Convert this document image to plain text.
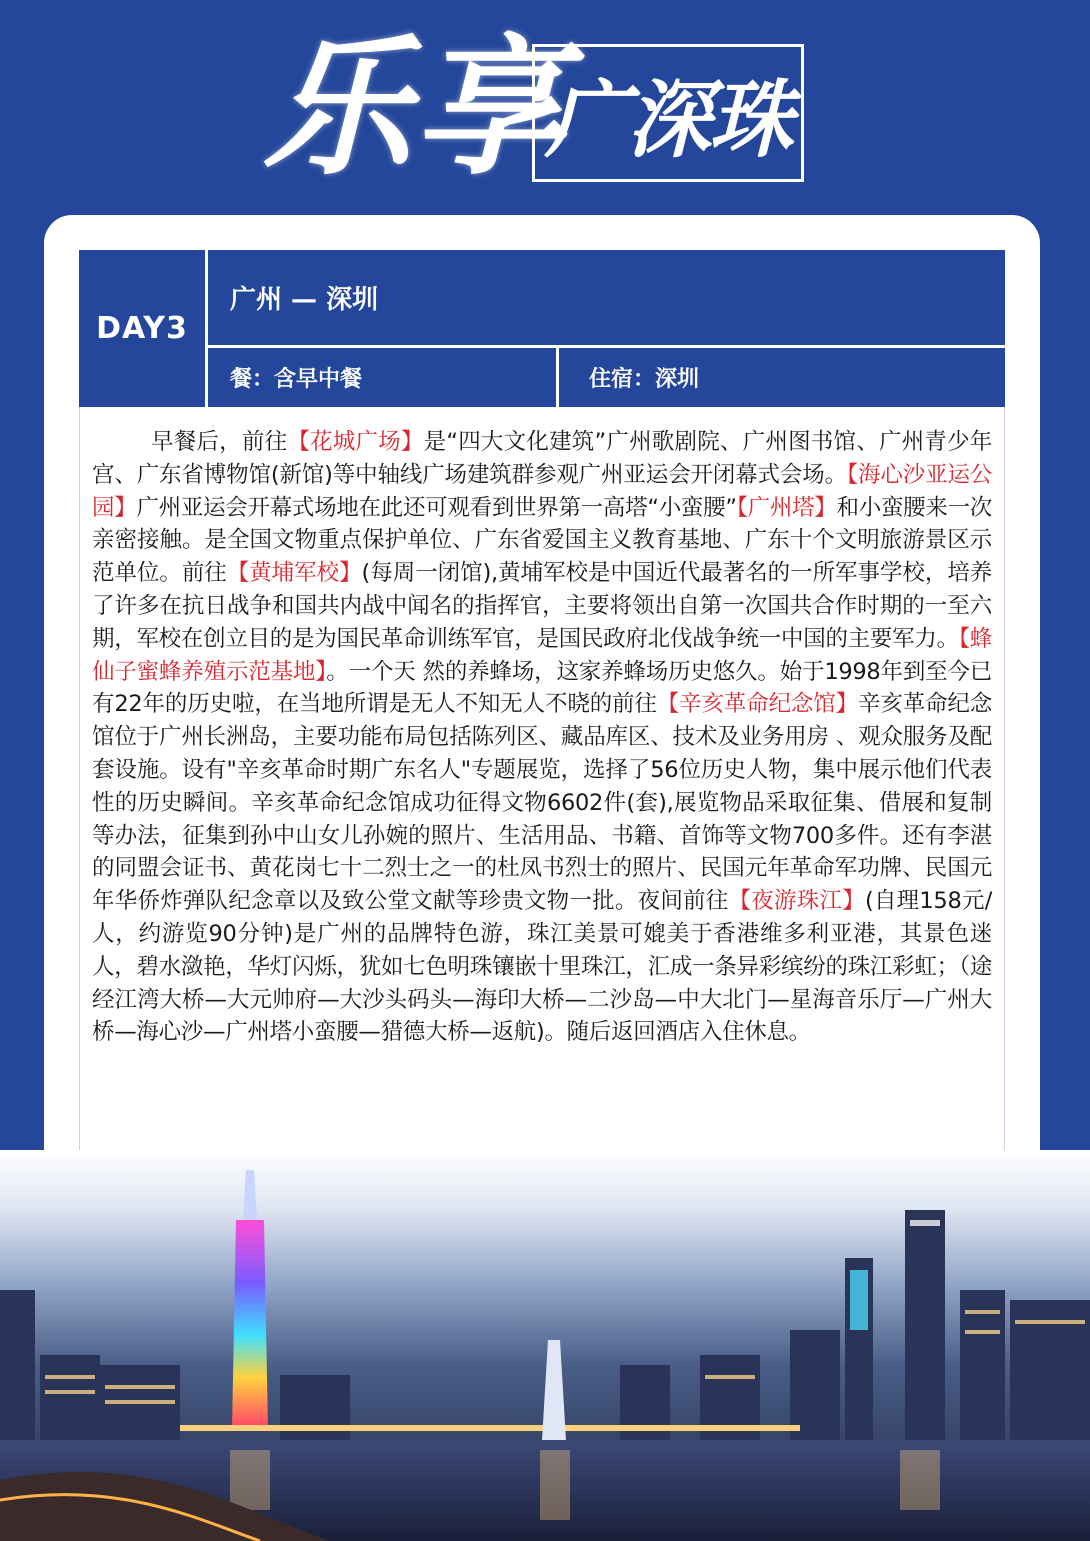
乐享
广深珠
DAY3
广州 — 深圳
餐：含早中餐	住宿：深圳
早餐后，前往【花城广场】是“四大文化建筑”广州歌剧院、广州图书馆、广州青少年宫、广东省博物馆(新馆)等中轴线广场建筑群参观广州亚运会开闭幕式会场。【海心沙亚运公园】广州亚运会开幕式场地在此还可观看到世界第一高塔“小蛮腰”【广州塔】和小蛮腰来一次亲密接触。是全国文物重点保护单位、广东省爱国主义教育基地、广东十个文明旅游景区示范单位。前往【黄埔军校】(每周一闭馆),黄埔军校是中国近代最著名的一所军事学校，培养了许多在抗日战争和国共内战中闻名的指挥官，主要将领出自第一次国共合作时期的一至六期，军校在创立目的是为国民革命训练军官，是国民政府北伐战争统一中国的主要军力。【蜂仙子蜜蜂养殖示范基地】。一个天 然的养蜂场，这家养蜂场历史悠久。始于1998年到至今已有22年的历史啦，在当地所谓是无人不知无人不晓的前往【辛亥革命纪念馆】辛亥革命纪念馆位于广州长洲岛，主要功能布局包括陈列区、藏品库区、技术及业务用房 、观众服务及配套设施。设有"辛亥革命时期广东名人"专题展览，选择了56位历史人物，集中展示他们代表性的历史瞬间。辛亥革命纪念馆成功征得文物6602件(套),展览物品采取征集、借展和复制等办法，征集到孙中山女儿孙婉的照片、生活用品、书籍、首饰等文物700多件。还有李湛的同盟会证书、黄花岗七十二烈士之一的杜凤书烈士的照片、民国元年革命军功牌、民国元年华侨炸弹队纪念章以及致公堂文献等珍贵文物一批。夜间前往【夜游珠江】(自理158元/人，约游览90分钟)是广州的品牌特色游，珠江美景可媲美于香港维多利亚港，其景色迷人，碧水潋艳，华灯闪烁，犹如七色明珠镶嵌十里珠江，汇成一条异彩缤纷的珠江彩虹；（途经江湾大桥—大元帅府—大沙头码头—海印大桥—二沙岛—中大北门—星海音乐厅—广州大桥—海心沙—广州塔小蛮腰—猎德大桥—返航)。随后返回酒店入住休息。
